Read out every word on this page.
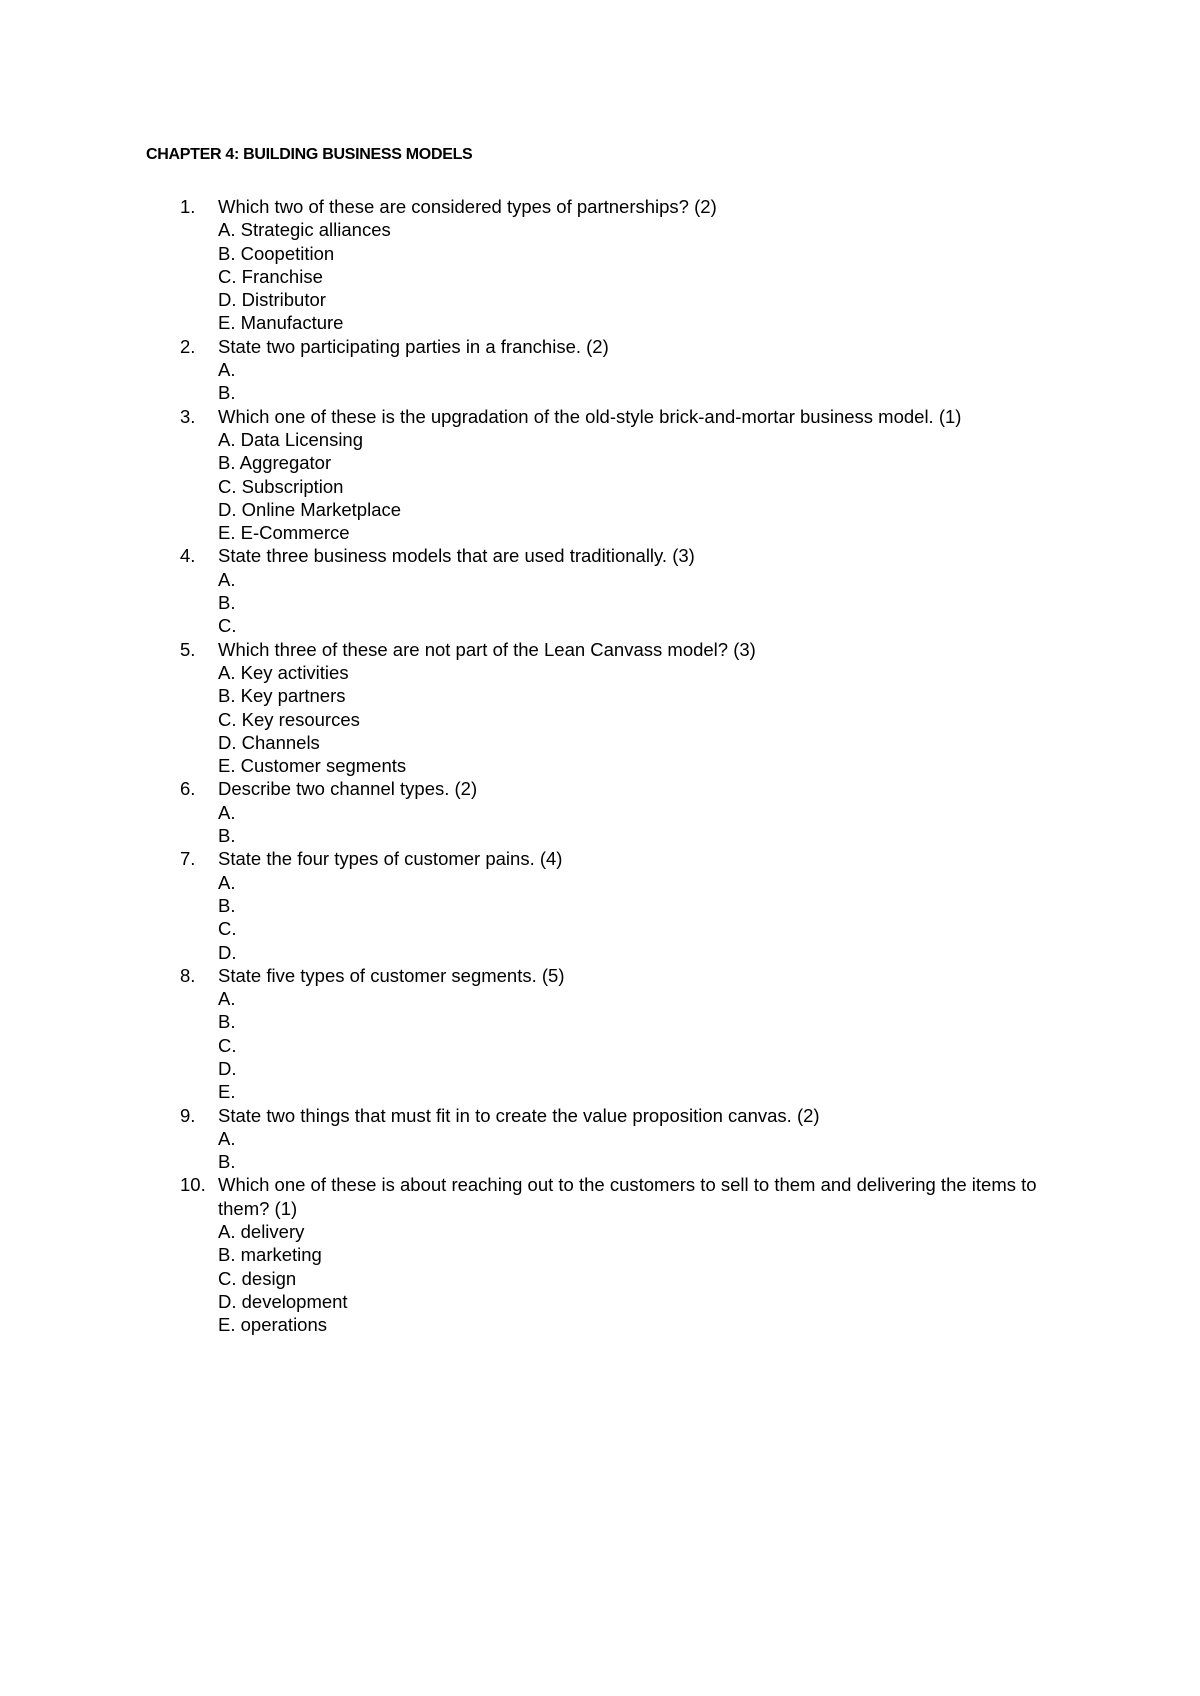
CHAPTER 4: BUILDING BUSINESS MODELS
1. Which two of these are considered types of partnerships? (2)
A. Strategic alliances
B. Coopetition
C. Franchise
D. Distributor
E. Manufacture
2. State two participating parties in a franchise. (2)
A.
B.
3. Which one of these is the upgradation of the old-style brick-and-mortar business model. (1)
A. Data Licensing
B. Aggregator
C. Subscription
D. Online Marketplace
E. E-Commerce
4. State three business models that are used traditionally. (3)
A.
B.
C.
5. Which three of these are not part of the Lean Canvass model? (3)
A. Key activities
B. Key partners
C. Key resources
D. Channels
E. Customer segments
6. Describe two channel types. (2)
A.
B.
7. State the four types of customer pains. (4)
A.
B.
C.
D.
8. State five types of customer segments. (5)
A.
B.
C.
D.
E.
9. State two things that must fit in to create the value proposition canvas. (2)
A.
B.
10. Which one of these is about reaching out to the customers to sell to them and delivering the items to them? (1)
A. delivery
B. marketing
C. design
D. development
E. operations
